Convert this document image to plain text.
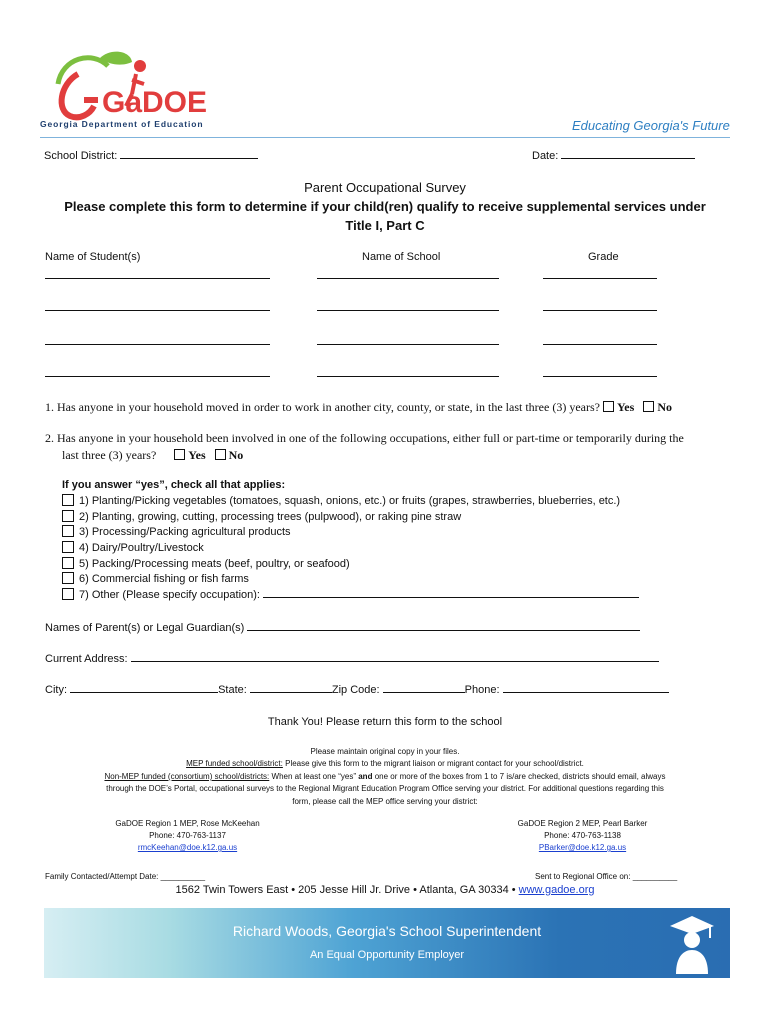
GaDOE
Georgia Department of Education	Educating Georgia's Future
School District:	Date:
Parent Occupational Survey
Please complete this form to determine if your child(ren) qualify to receive supplemental services under
Title I, Part C
Name of Student(s)	Name of School	Grade
1. Has anyone in your household moved in order to work in another city, county, or state, in the last three (3) years? Yes No
2. Has anyone in your household been involved in one of the following occupations, either full or part-time or temporarily during the
last three (3) years?	Yes No
If you answer “yes”, check all that applies:
1) Planting/Picking vegetables (tomatoes, squash, onions, etc.) or fruits (grapes, strawberries, blueberries, etc.)
2) Planting, growing, cutting, processing trees (pulpwood), or raking pine straw
3) Processing/Packing agricultural products
4) Dairy/Poultry/Livestock
5) Packing/Processing meats (beef, poultry, or seafood)
6) Commercial fishing or fish farms
7) Other (Please specify occupation):
Names of Parent(s) or Legal Guardian(s)
Current Address:
City:	State:	Zip Code:	Phone:
Thank You! Please return this form to the school
Please maintain original copy in your files.
MEP funded school/district: Please give this form to the migrant liaison or migrant contact for your school/district.
Non-MEP funded (consortium) school/districts: When at least one “yes” and one or more of the boxes from 1 to 7 is/are checked, districts should email, always
through the DOE’s Portal, occupational surveys to the Regional Migrant Education Program Office serving your district. For additional questions regarding this
form, please call the MEP office serving your district:
GaDOE Region 1 MEP, Rose McKeehan
Phone: 470-763-1137
rmcKeehan@doe.k12.ga.us
GaDOE Region 2 MEP, Pearl Barker
Phone: 470-763-1138
PBarker@doe.k12.ga.us
Family Contacted/Attempt Date: __________	Sent to Regional Office on: __________
1562 Twin Towers East • 205 Jesse Hill Jr. Drive • Atlanta, GA 30334 • www.gadoe.org
Richard Woods, Georgia's School Superintendent
An Equal Opportunity Employer
